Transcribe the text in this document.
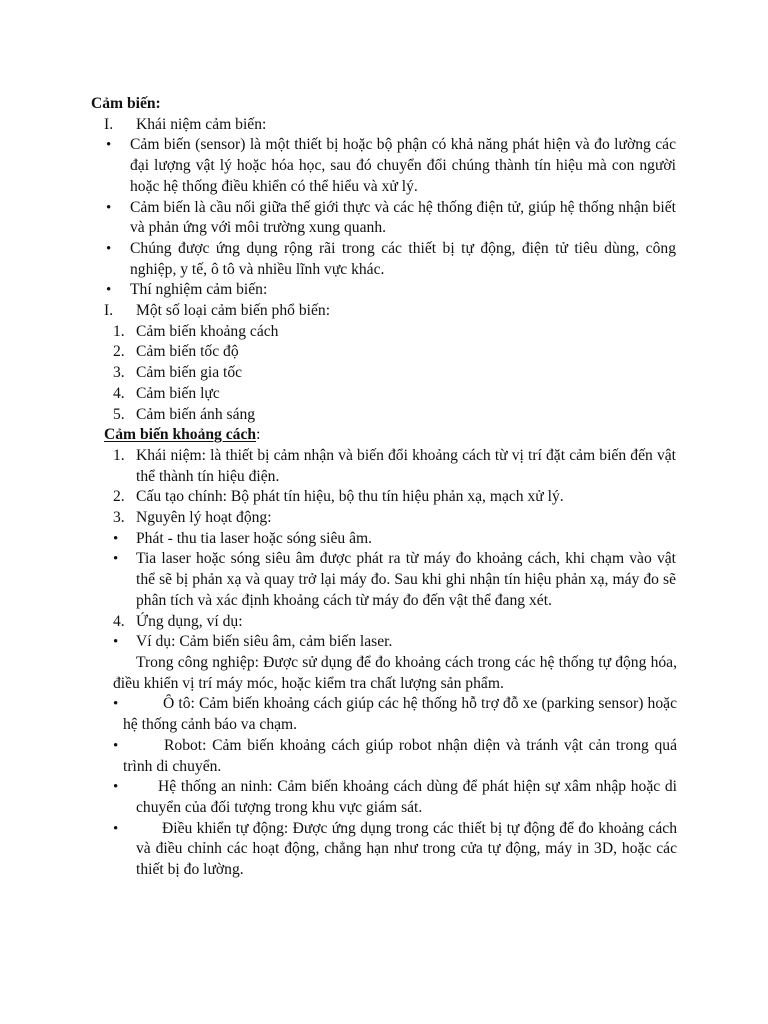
Cảm biến:
I. Khái niệm cảm biến:
• Cảm biến (sensor) là một thiết bị hoặc bộ phận có khả năng phát hiện và đo lường các đại lượng vật lý hoặc hóa học, sau đó chuyển đổi chúng thành tín hiệu mà con người hoặc hệ thống điều khiển có thể hiểu và xử lý.
• Cảm biến là cầu nối giữa thế giới thực và các hệ thống điện tử, giúp hệ thống nhận biết và phản ứng với môi trường xung quanh.
• Chúng được ứng dụng rộng rãi trong các thiết bị tự động, điện tử tiêu dùng, công nghiệp, y tế, ô tô và nhiều lĩnh vực khác.
• Thí nghiệm cảm biến:
I. Một số loại cảm biến phổ biến:
1. Cảm biến khoảng cách
2. Cảm biến tốc độ
3. Cảm biến gia tốc
4. Cảm biến lực
5. Cảm biến ánh sáng
Cảm biến khoảng cách:
1. Khái niệm: là thiết bị cảm nhận và biến đổi khoảng cách từ vị trí đặt cảm biến đến vật thể thành tín hiệu điện.
2. Cấu tạo chính: Bộ phát tín hiệu, bộ thu tín hiệu phản xạ, mạch xử lý.
3. Nguyên lý hoạt động:
• Phát - thu tia laser hoặc sóng siêu âm.
• Tia laser hoặc sóng siêu âm được phát ra từ máy đo khoảng cách, khi chạm vào vật thể sẽ bị phản xạ và quay trở lại máy đo. Sau khi ghi nhận tín hiệu phản xạ, máy đo sẽ phân tích và xác định khoảng cách từ máy đo đến vật thể đang xét.
4. Ứng dụng, ví dụ:
• Ví dụ: Cảm biến siêu âm, cảm biến laser.
Trong công nghiệp: Được sử dụng để đo khoảng cách trong các hệ thống tự động hóa, điều khiển vị trí máy móc, hoặc kiểm tra chất lượng sản phẩm.
•	Ô tô: Cảm biến khoảng cách giúp các hệ thống hỗ trợ đỗ xe (parking sensor) hoặc hệ thống cảnh báo va chạm.
•	Robot: Cảm biến khoảng cách giúp robot nhận diện và tránh vật cản trong quá trình di chuyển.
•	Hệ thống an ninh: Cảm biến khoảng cách dùng để phát hiện sự xâm nhập hoặc di chuyển của đối tượng trong khu vực giám sát.
•	Điều khiển tự động: Được ứng dụng trong các thiết bị tự động để đo khoảng cách và điều chỉnh các hoạt động, chẳng hạn như trong cửa tự động, máy in 3D, hoặc các thiết bị đo lường.
